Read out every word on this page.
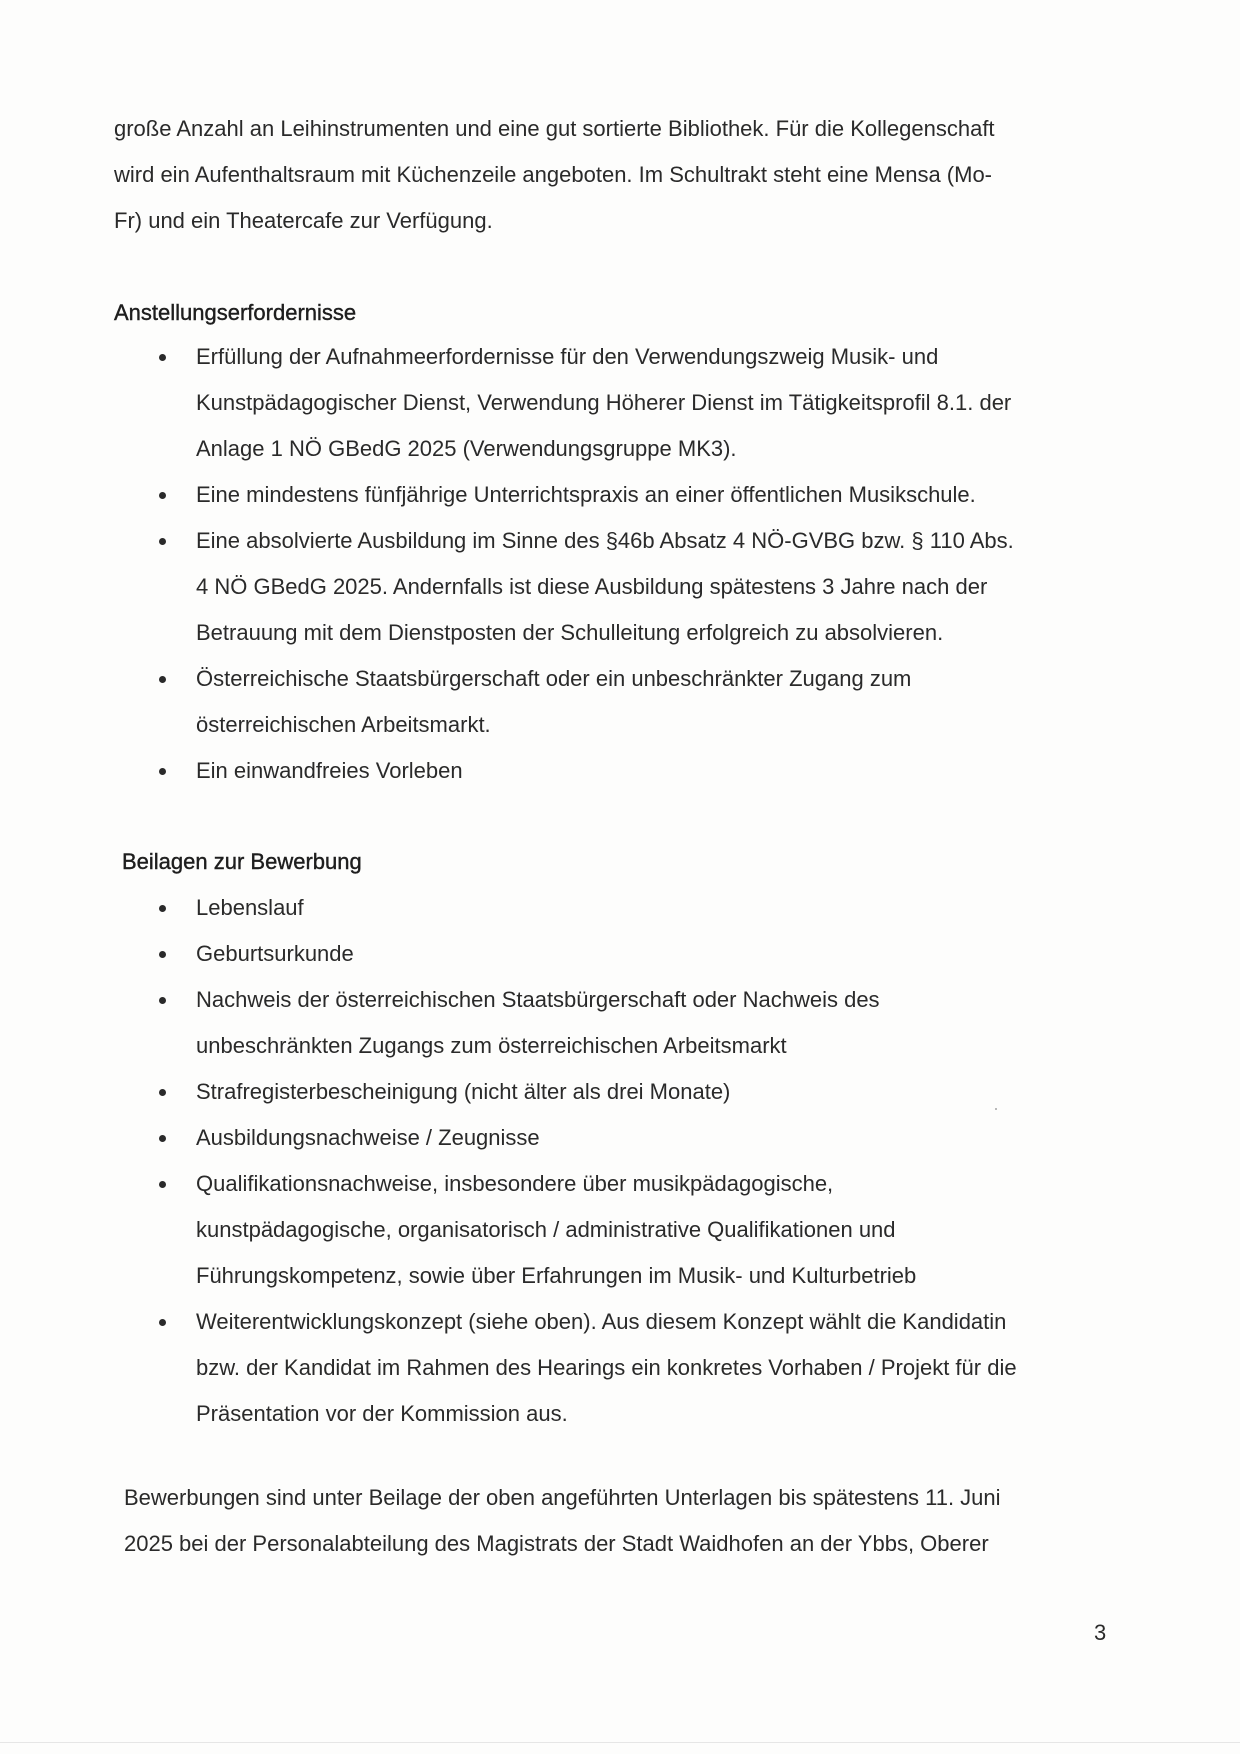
große Anzahl an Leihinstrumenten und eine gut sortierte Bibliothek. Für die Kollegenschaft
wird ein Aufenthaltsraum mit Küchenzeile angeboten. Im Schultrakt steht eine Mensa (Mo-
Fr) und ein Theatercafe zur Verfügung.

Anstellungserfordernisse
Erfüllung der Aufnahmeerfordernisse für den Verwendungszweig Musik- und
Kunstpädagogischer Dienst, Verwendung Höherer Dienst im Tätigkeitsprofil 8.1. der
Anlage 1 NÖ GBedG 2025 (Verwendungsgruppe MK3).
Eine mindestens fünfjährige Unterrichtspraxis an einer öffentlichen Musikschule.
Eine absolvierte Ausbildung im Sinne des §46b Absatz 4 NÖ-GVBG bzw. § 110 Abs.
4 NÖ GBedG 2025. Andernfalls ist diese Ausbildung spätestens 3 Jahre nach der
Betrauung mit dem Dienstposten der Schulleitung erfolgreich zu absolvieren.
Österreichische Staatsbürgerschaft oder ein unbeschränkter Zugang zum
österreichischen Arbeitsmarkt.
Ein einwandfreies Vorleben
Beilagen zur Bewerbung
Lebenslauf
Geburtsurkunde
Nachweis der österreichischen Staatsbürgerschaft oder Nachweis des
unbeschränkten Zugangs zum österreichischen Arbeitsmarkt
Strafregisterbescheinigung (nicht älter als drei Monate)
Ausbildungsnachweise / Zeugnisse
Qualifikationsnachweise, insbesondere über musikpädagogische,
kunstpädagogische, organisatorisch / administrative Qualifikationen und
Führungskompetenz, sowie über Erfahrungen im Musik- und Kulturbetrieb
Weiterentwicklungskonzept (siehe oben). Aus diesem Konzept wählt die Kandidatin
bzw. der Kandidat im Rahmen des Hearings ein konkretes Vorhaben / Projekt für die
Präsentation vor der Kommission aus.

Bewerbungen sind unter Beilage der oben angeführten Unterlagen bis spätestens 11. Juni
2025 bei der Personalabteilung des Magistrats der Stadt Waidhofen an der Ybbs, Oberer

3
